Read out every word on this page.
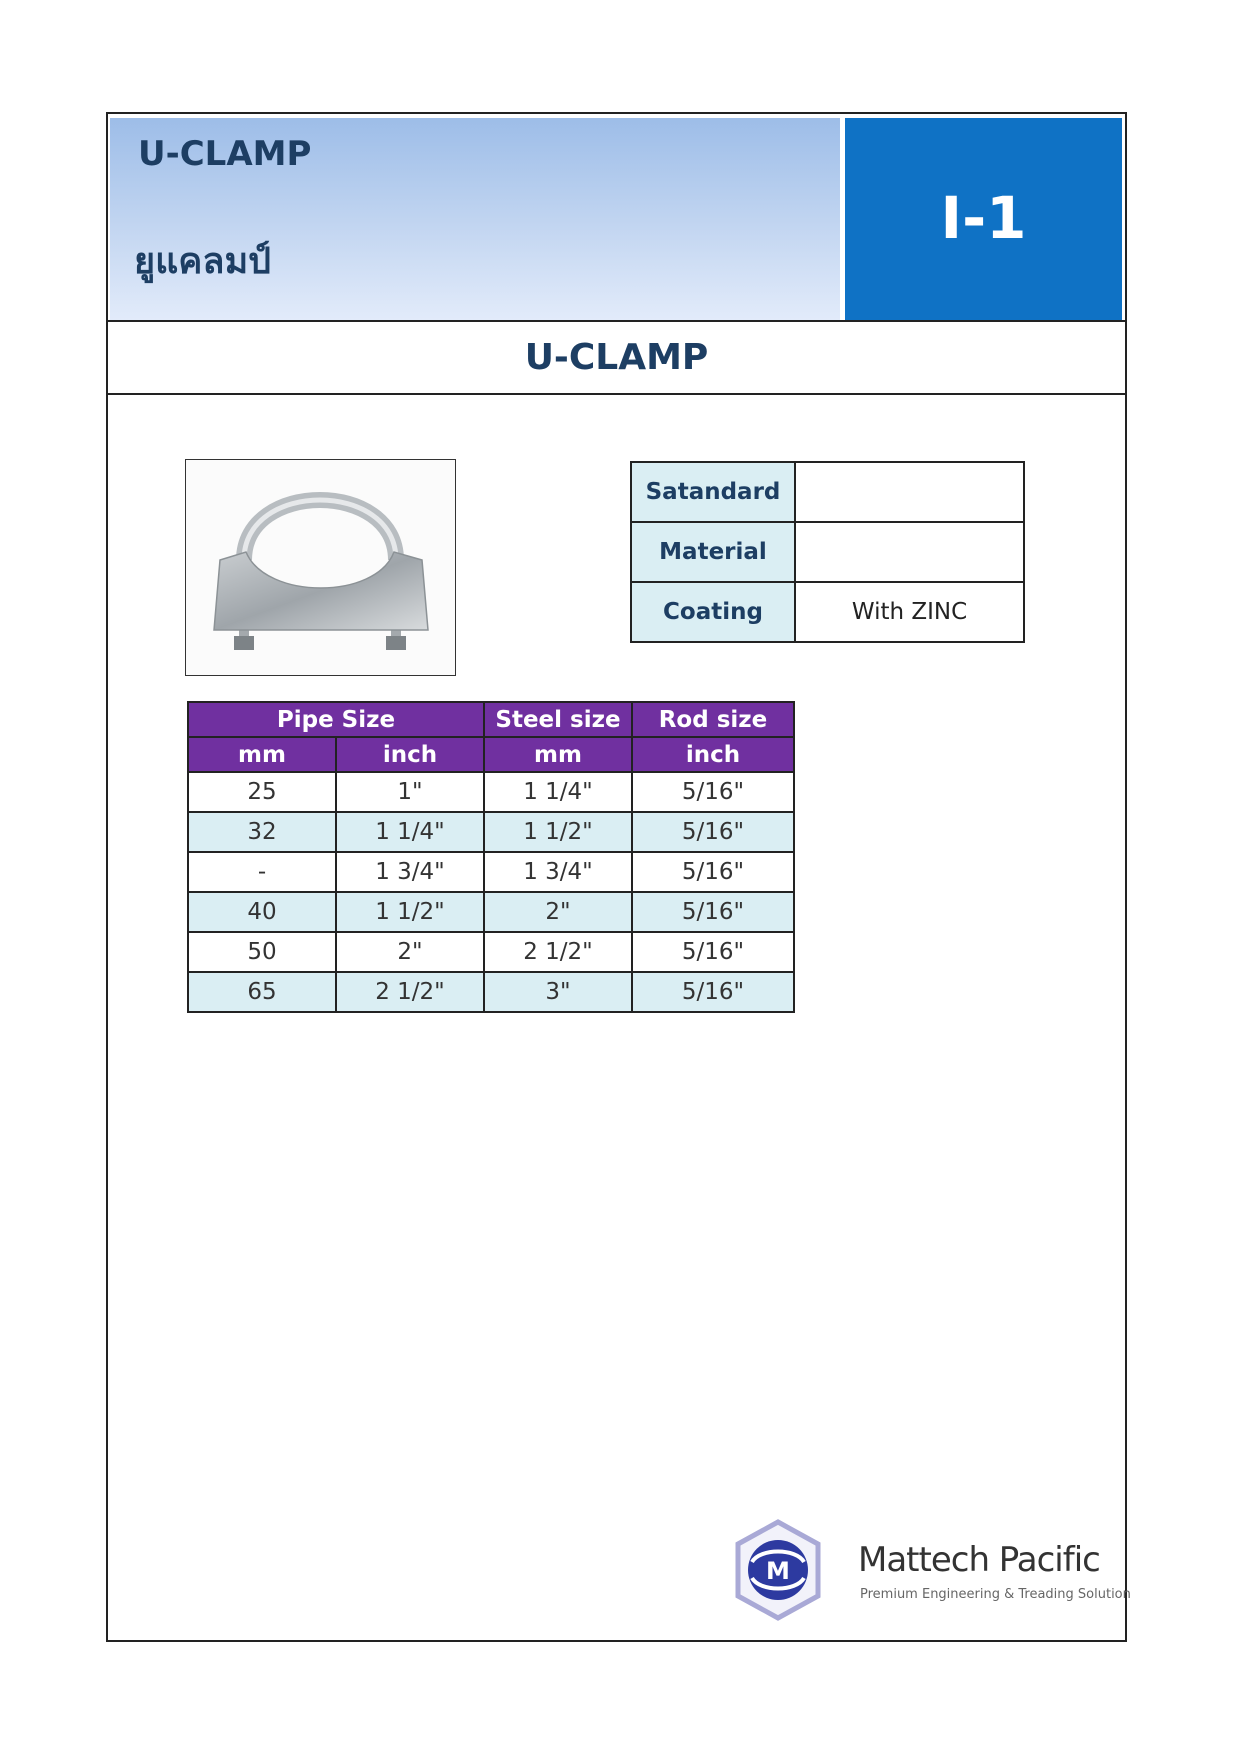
U-CLAMP
ยูแคลมป์
I-1
U-CLAMP
Satandard	
Material	
Coating	With ZINC
Pipe Size		Steel size	Rod size
mm	inch	mm	inch
25	1"	1 1/4"	5/16"
32	1 1/4"	1 1/2"	5/16"
-	1 3/4"	1 3/4"	5/16"
40	1 1/2"	2"	5/16"
50	2"	2 1/2"	5/16"
65	2 1/2"	3"	5/16"
M Mattech Pacific
Premium Engineering & Treading Solution
